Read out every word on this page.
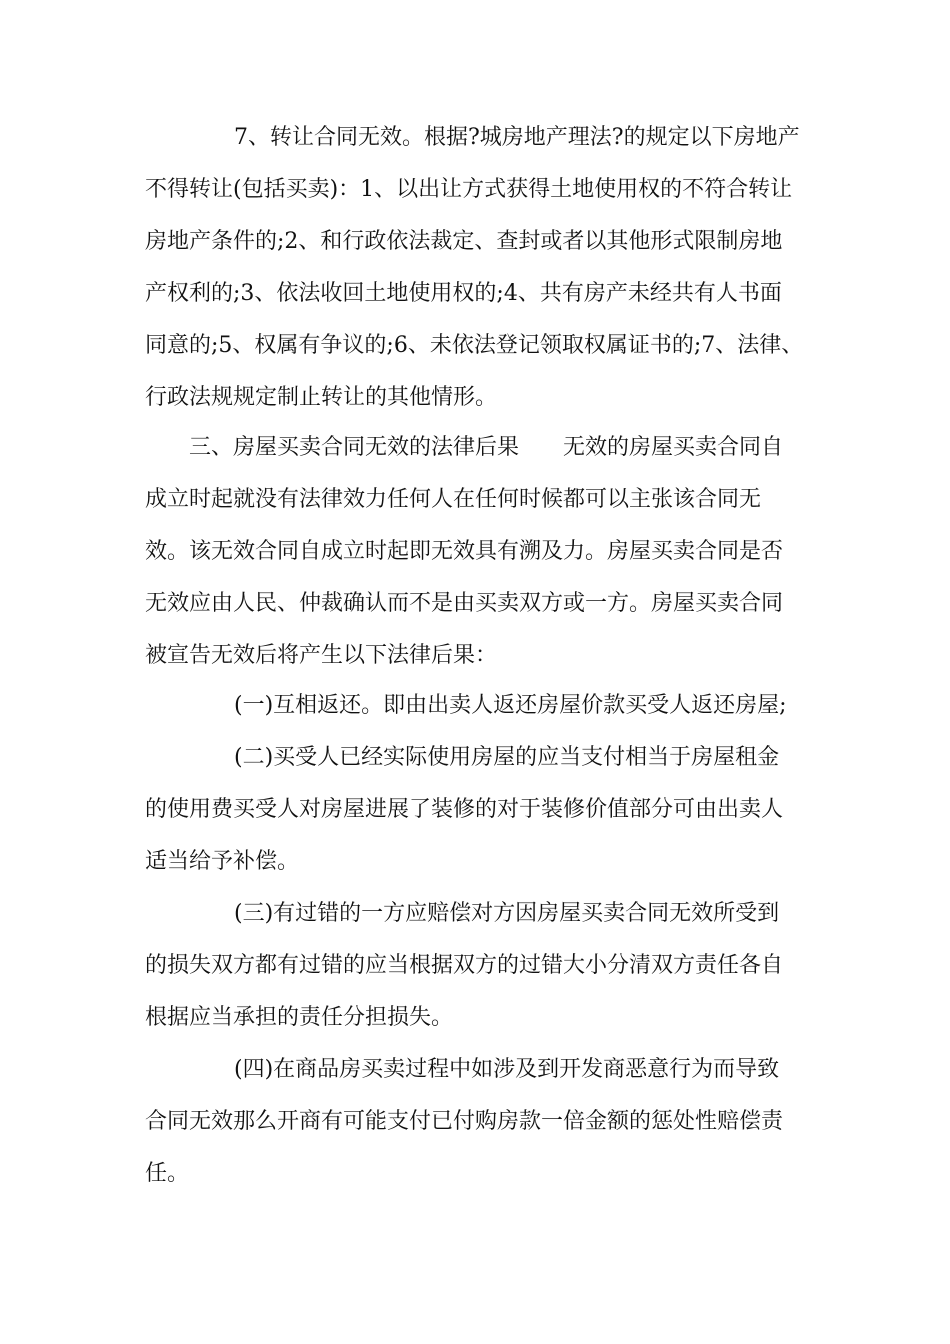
7、转让合同无效。根据?城房地产理法?的规定以下房地产
不得转让(包括买卖)：1、以出让方式获得土地使用权的不符合转让
房地产条件的;2、和行政依法裁定、查封或者以其他形式限制房地
产权利的;3、依法收回土地使用权的;4、共有房产未经共有人书面
同意的;5、权属有争议的;6、未依法登记领取权属证书的;7、法律、
行政法规规定制止转让的其他情形。
三、房屋买卖合同无效的法律后果 无效的房屋买卖合同自
成立时起就没有法律效力任何人在任何时候都可以主张该合同无
效。该无效合同自成立时起即无效具有溯及力。房屋买卖合同是否
无效应由人民、仲裁确认而不是由买卖双方或一方。房屋买卖合同
被宣告无效后将产生以下法律后果：
(一)互相返还。即由出卖人返还房屋价款买受人返还房屋;
(二)买受人已经实际使用房屋的应当支付相当于房屋租金
的使用费买受人对房屋进展了装修的对于装修价值部分可由出卖人
适当给予补偿。
(三)有过错的一方应赔偿对方因房屋买卖合同无效所受到
的损失双方都有过错的应当根据双方的过错大小分清双方责任各自
根据应当承担的责任分担损失。
(四)在商品房买卖过程中如涉及到开发商恶意行为而导致
合同无效那么开商有可能支付已付购房款一倍金额的惩处性赔偿责
任。
